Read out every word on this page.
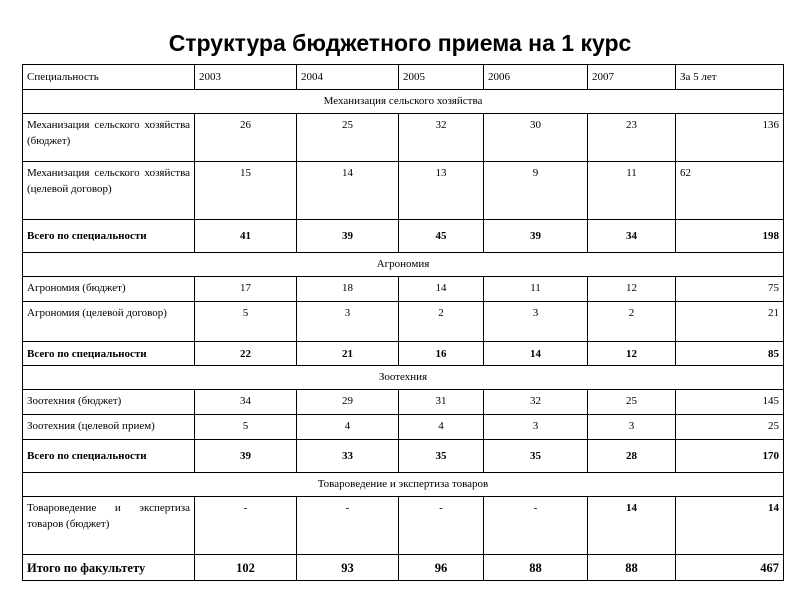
Структура бюджетного приема на 1 курс
Специальность	2003	2004	2005	2006	2007	За 5 лет
Механизация сельского хозяйства						
Механизация сельского хозяйства (бюджет)	26	25	32	30	23	136
Механизация сельского хозяйства (целевой договор)	15	14	13	9	11	62
Всего по специальности	41	39	45	39	34	198
Агрономия						
Агрономия (бюджет)	17	18	14	11	12	75
Агрономия (целевой договор)	5	3	2	3	2	21
Всего по специальности	22	21	16	14	12	85
Зоотехния						
Зоотехния (бюджет)	34	29	31	32	25	145
Зоотехния (целевой прием)	5	4	4	3	3	25
Всего по специальности	39	33	35	35	28	170
Товароведение и экспертиза товаров						
Товароведение и экспертиза товаров (бюджет)	-	-	-	-	14	14
Итого по факультету	102	93	96	88	88	467
